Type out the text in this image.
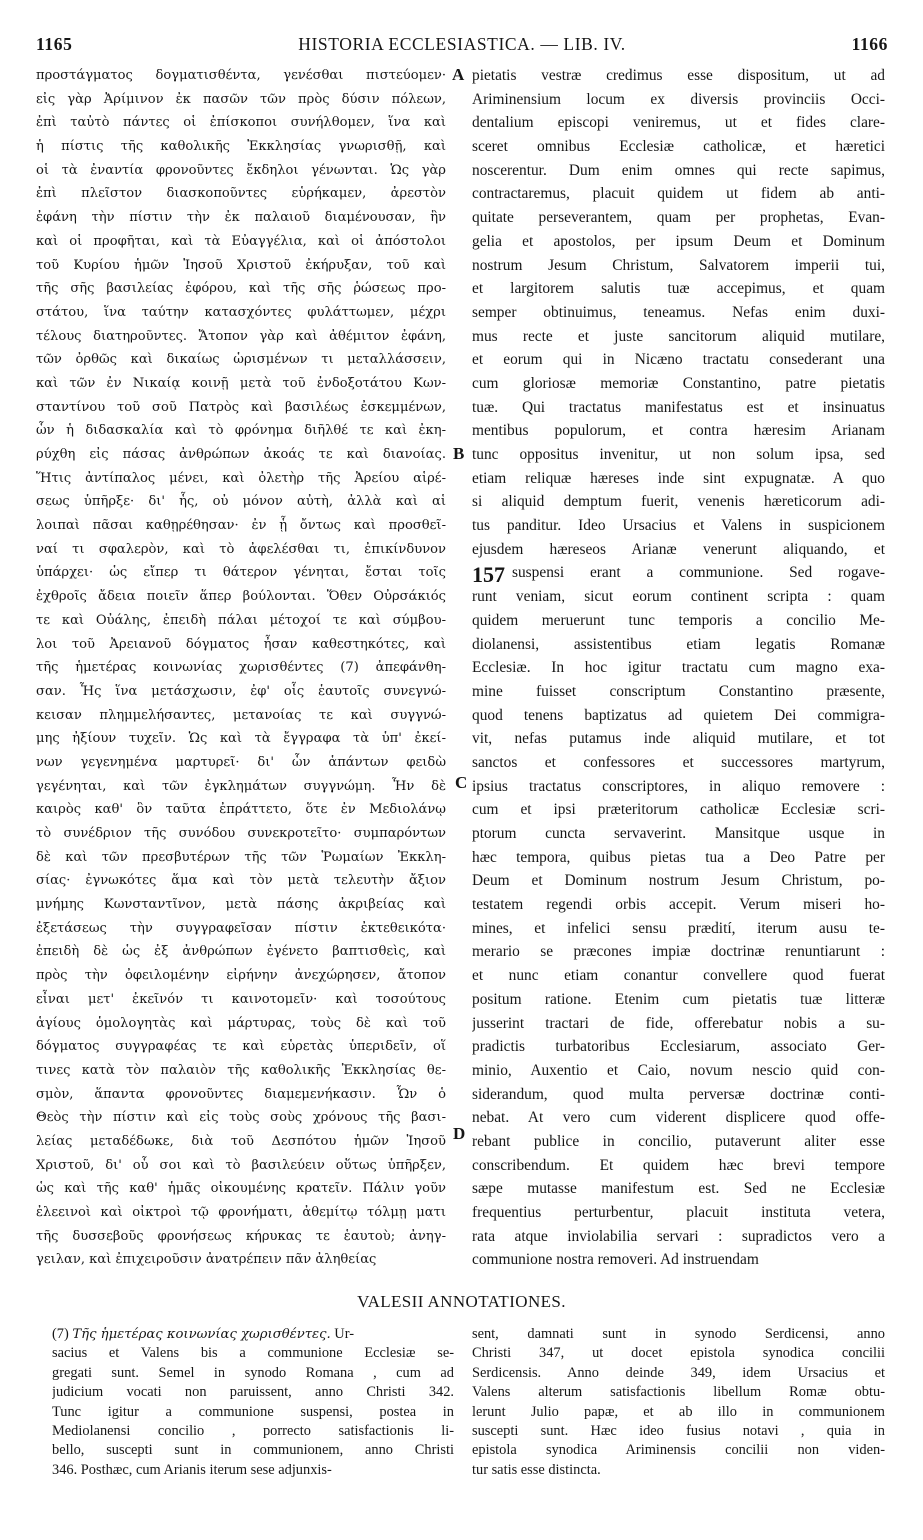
1165	HISTORIA ECCLESIASTICA. — LIB. IV.	1166
προστάγματος δογματισθέντα, γενέσθαι πιστεύομεν·
εἰς γὰρ Ἀρίμινον ἐκ πασῶν τῶν πρὸς δύσιν πόλεων,
ἐπὶ ταὐτὸ πάντες οἱ ἐπίσκοποι συνήλθομεν, ἵνα καὶ
ἡ πίστις τῆς καθολικῆς Ἐκκλησίας γνωρισθῇ, καὶ
οἱ τὰ ἐναντία φρονοῦντες ἔκδηλοι γένωνται. Ὡς γὰρ
ἐπὶ πλεῖστον διασκοποῦντες εὑρήκαμεν, ἀρεστὸν
ἐφάνη τὴν πίστιν τὴν ἐκ παλαιοῦ διαμένουσαν, ἣν
καὶ οἱ προφῆται, καὶ τὰ Εὐαγγέλια, καὶ οἱ ἀπόστολοι
τοῦ Κυρίου ἡμῶν Ἰησοῦ Χριστοῦ ἐκήρυξαν, τοῦ καὶ
τῆς σῆς βασιλείας ἐφόρου, καὶ τῆς σῆς ῥώσεως προ-
στάτου, ἵνα ταύτην κατασχόντες φυλάττωμεν, μέχρι
τέλους διατηροῦντες. Ἄτοπον γὰρ καὶ ἀθέμιτον ἐφάνη,
τῶν ὀρθῶς καὶ δικαίως ὡρισμένων τι μεταλλάσσειν,
καὶ τῶν ἐν Νικαίᾳ κοινῇ μετὰ τοῦ ἐνδοξοτάτου Κων-
σταντίνου τοῦ σοῦ Πατρὸς καὶ βασιλέως ἐσκεμμένων,
ὧν ἡ διδασκαλία καὶ τὸ φρόνημα διῆλθέ τε καὶ ἐκη-
ρύχθη εἰς πάσας ἀνθρώπων ἀκοάς τε καὶ διανοίας.
Ἥτις ἀντίπαλος μένει, καὶ ὀλετὴρ τῆς Ἀρείου αἱρέ-
σεως ὑπῆρξε· δι' ἧς, οὐ μόνον αὐτὴ, ἀλλὰ καὶ αἱ
λοιπαὶ πᾶσαι καθῃρέθησαν· ἐν ᾗ ὄντως καὶ προσθεῖ-
ναί τι σφαλερὸν, καὶ τὸ ἀφελέσθαι τι, ἐπικίνδυνον
ὑπάρχει· ὡς εἴπερ τι θάτερον γένηται, ἔσται τοῖς
ἐχθροῖς ἄδεια ποιεῖν ἅπερ βούλονται. Ὅθεν Οὐρσάκιός
τε καὶ Οὐάλης, ἐπειδὴ πάλαι μέτοχοί τε καὶ σύμβου-
λοι τοῦ Ἀρειανοῦ δόγματος ἦσαν καθεστηκότες, καὶ
τῆς ἡμετέρας κοινωνίας χωρισθέντες (7) ἀπεφάνθη-
σαν. Ἧς ἵνα μετάσχωσιν, ἐφ' οἷς ἑαυτοῖς συνεγνώ-
κεισαν πλημμελήσαντες, μετανοίας τε καὶ συγγνώ-
μης ἠξίουν τυχεῖν. Ὡς καὶ τὰ ἔγγραφα τὰ ὑπ' ἐκεί-
νων γεγενημένα μαρτυρεῖ· δι' ὧν ἁπάντων φειδὼ
γεγένηται, καὶ τῶν ἐγκλημάτων συγγνώμη. Ἦν δὲ
καιρὸς καθ' ὃν ταῦτα ἐπράττετο, ὅτε ἐν Μεδιολάνῳ
τὸ συνέδριον τῆς συνόδου συνεκροτεῖτο· συμπαρόντων
δὲ καὶ τῶν πρεσβυτέρων τῆς τῶν Ῥωμαίων Ἐκκλη-
σίας· ἐγνωκότες ἅμα καὶ τὸν μετὰ τελευτὴν ἄξιον
μνήμης Κωνσταντῖνον, μετὰ πάσης ἀκριβείας καὶ
ἐξετάσεως τὴν συγγραφεῖσαν πίστιν ἐκτεθεικότα·
ἐπειδὴ δὲ ὡς ἐξ ἀνθρώπων ἐγένετο βαπτισθεὶς, καὶ
πρὸς τὴν ὀφειλομένην εἰρήνην ἀνεχώρησεν, ἄτοπον
εἶναι μετ' ἐκεῖνόν τι καινοτομεῖν· καὶ τοσούτους
ἁγίους ὁμολογητὰς καὶ μάρτυρας, τοὺς δὲ καὶ τοῦ
δόγματος συγγραφέας τε καὶ εὑρετὰς ὑπεριδεῖν, οἵ
τινες κατὰ τὸν παλαιὸν τῆς καθολικῆς Ἐκκλησίας θε-
σμὸν, ἅπαντα φρονοῦντες διαμεμενήκασιν. Ὧν ὁ
Θεὸς τὴν πίστιν καὶ εἰς τοὺς σοὺς χρόνους τῆς βασι-
λείας μεταδέδωκε, διὰ τοῦ Δεσπότου ἡμῶν Ἰησοῦ
Χριστοῦ, δι' οὗ σοι καὶ τὸ βασιλεύειν οὕτως ὑπῆρξεν,
ὡς καὶ τῆς καθ' ἡμᾶς οἰκουμένης κρατεῖν. Πάλιν γοῦν
ἐλεεινοὶ καὶ οἰκτροὶ τῷ φρονήματι, ἀθεμίτῳ τόλμῃ ματι
τῆς δυσσεβοῦς φρονήσεως κήρυκας τε ἑαυτοὺ; ἀνηγ-
γειλαν, καὶ ἐπιχειροῦσιν ἀνατρέπειν πᾶν ἀληθείας
pietatis vestræ credimus esse dispositum, ut ad
Ariminensium locum ex diversis provinciis Occi-
dentalium episcopi veniremus, ut et fides clare-
sceret omnibus Ecclesiæ catholicæ, et hæretici
noscerentur. Dum enim omnes qui recte sapimus,
contractaremus, placuit quidem ut fidem ab anti-
quitate perseverantem, quam per prophetas, Evan-
gelia et apostolos, per ipsum Deum et Dominum
nostrum Jesum Christum, Salvatorem imperii tui,
et largitorem salutis tuæ accepimus, et quam
semper obtinuimus, teneamus. Nefas enim duxi-
mus recte et juste sancitorum aliquid mutilare,
et eorum qui in Nicæno tractatu consederant una
cum gloriosæ memoriæ Constantino, patre pietatis
tuæ. Qui tractatus manifestatus est et insinuatus
mentibus populorum, et contra hæresim Arianam
tunc oppositus invenitur, ut non solum ipsa, sed
etiam reliquæ hæreses inde sint expugnatæ. A quo
si aliquid demptum fuerit, venenis hæreticorum adi-
tus panditur. Ideo Ursacius et Valens in suspicionem
ejusdem hæreseos Arianæ venerunt aliquando, et
suspensi erant a communione. Sed rogave-
runt veniam, sicut eorum continent scripta : quam
quidem meruerunt tunc temporis a concilio Me-
diolanensi, assistentibus etiam legatis Romanæ
Ecclesiæ. In hoc igitur tractatu cum magno exa-
mine fuisset conscriptum Constantino præsente,
quod tenens baptizatus ad quietem Dei commigra-
vit, nefas putamus inde aliquid mutilare, et tot
sanctos et confessores et successores martyrum,
ipsius tractatus conscriptores, in aliquo removere :
cum et ipsi præteritorum catholicæ Ecclesiæ scri-
ptorum cuncta servaverint. Mansitque usque in
hæc tempora, quibus pietas tua a Deo Patre per
Deum et Dominum nostrum Jesum Christum, po-
testatem regendi orbis accepit. Verum miseri ho-
mines, et infelici sensu prædití, iterum ausu te-
merario se præcones impiæ doctrinæ renuntiarunt :
et nunc etiam conantur convellere quod fuerat
positum ratione. Etenim cum pietatis tuæ litteræ
jusserint tractari de fide, offerebatur nobis a su-
pradictis turbatoribus Ecclesiarum, associato Ger-
minio, Auxentio et Caio, novum nescio quid con-
siderandum, quod multa perversæ doctrinæ conti-
nebat. At vero cum viderent displicere quod offe-
rebant publice in concilio, putaverunt aliter esse
conscribendum. Et quidem hæc brevi tempore
sæpe mutasse manifestum est. Sed ne Ecclesiæ
frequentius perturbentur, placuit instituta vetera,
rata atque inviolabilia servari : supradictos vero a
communione nostra removeri. Ad instruendam
A
B
C
D
157
VALESII ANNOTATIONES.
(7) Τῆς ἡμετέρας κοινωνίας χωρισθέντες. Ur-
sacius et Valens bis a communione Ecclesiæ se-
gregati sunt. Semel in synodo Romana , cum ad
judicium vocati non paruissent, anno Christi 342.
Tunc igitur a communione suspensi, postea in
Mediolanensi concilio , porrecto satisfactionis li-
bello, suscepti sunt in communionem, anno Christi
346. Posthæc, cum Arianis iterum sese adjunxis-
sent, damnati sunt in synodo Serdicensi, anno
Christi 347, ut docet epistola synodica concilii
Serdicensis. Anno deinde 349, idem Ursacius et
Valens alterum satisfactionis libellum Romæ obtu-
lerunt Julio papæ, et ab illo in communionem
suscepti sunt. Hæc ideo fusius notavi , quia in
epistola synodica Ariminensis concilii non viden-
tur satis esse distincta.
